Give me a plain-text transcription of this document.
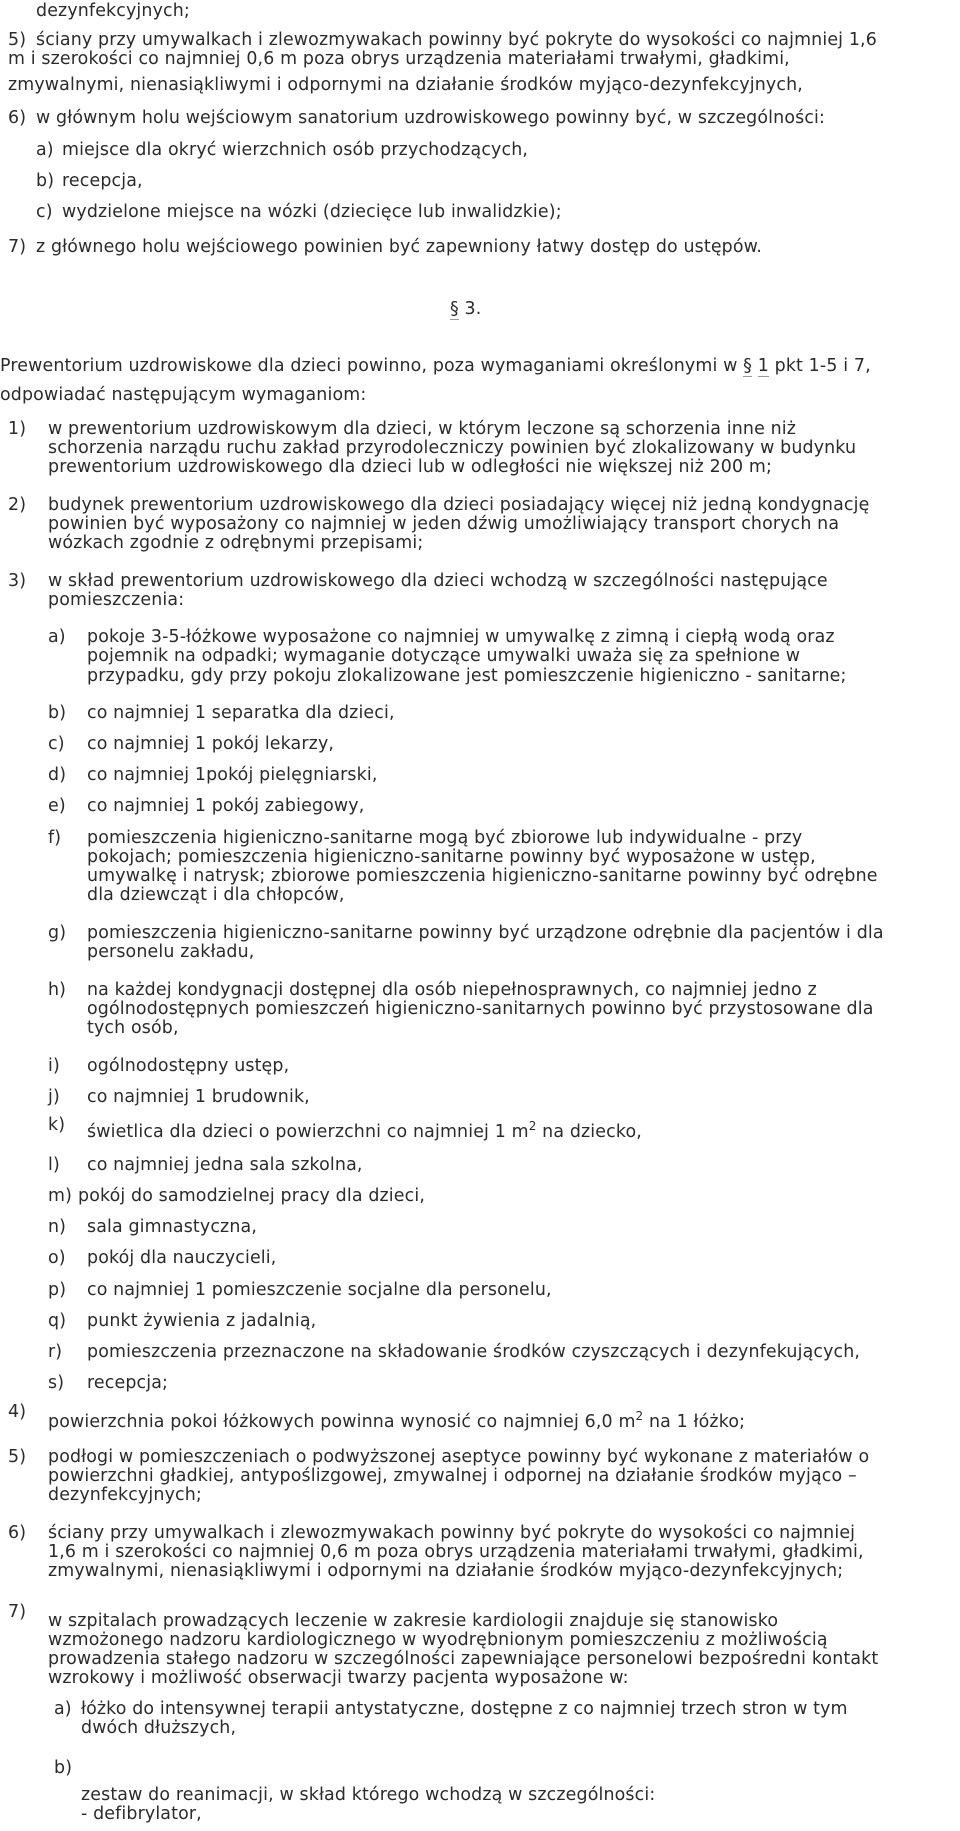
dezynfekcyjnych;
5) ściany przy umywalkach i zlewozmywakach powinny być pokryte do wysokości co najmniej 1,6
m i szerokości co najmniej 0,6 m poza obrys urządzenia materiałami trwałymi, gładkimi,
zmywalnymi, nienasiąkliwymi i odpornymi na działanie środków myjąco-dezynfekcyjnych,
6) w głównym holu wejściowym sanatorium uzdrowiskowego powinny być, w szczególności:
a) miejsce dla okryć wierzchnich osób przychodzących,
b) recepcja,
c) wydzielone miejsce na wózki (dziecięce lub inwalidzkie);
7) z głównego holu wejściowego powinien być zapewniony łatwy dostęp do ustępów.
§ 3.
Prewentorium uzdrowiskowe dla dzieci powinno, poza wymaganiami określonymi w § 1 pkt 1-5 i 7,
odpowiadać następującym wymaganiom:
1) w prewentorium uzdrowiskowym dla dzieci, w którym leczone są schorzenia inne niż
schorzenia narządu ruchu zakład przyrodoleczniczy powinien być zlokalizowany w budynku
prewentorium uzdrowiskowego dla dzieci lub w odległości nie większej niż 200 m;
2) budynek prewentorium uzdrowiskowego dla dzieci posiadający więcej niż jedną kondygnację
powinien być wyposażony co najmniej w jeden dźwig umożliwiający transport chorych na
wózkach zgodnie z odrębnymi przepisami;
3) w skład prewentorium uzdrowiskowego dla dzieci wchodzą w szczególności następujące
pomieszczenia:
a) pokoje 3-5-łóżkowe wyposażone co najmniej w umywalkę z zimną i ciepłą wodą oraz
pojemnik na odpadki; wymaganie dotyczące umywalki uważa się za spełnione w
przypadku, gdy przy pokoju zlokalizowane jest pomieszczenie higieniczno - sanitarne;
b) co najmniej 1 separatka dla dzieci,
c) co najmniej 1 pokój lekarzy,
d) co najmniej 1pokój pielęgniarski,
e) co najmniej 1 pokój zabiegowy,
f) pomieszczenia higieniczno-sanitarne mogą być zbiorowe lub indywidualne - przy
pokojach; pomieszczenia higieniczno-sanitarne powinny być wyposażone w ustęp,
umywalkę i natrysk; zbiorowe pomieszczenia higieniczno-sanitarne powinny być odrębne
dla dziewcząt i dla chłopców,
g) pomieszczenia higieniczno-sanitarne powinny być urządzone odrębnie dla pacjentów i dla
personelu zakładu,
h) na każdej kondygnacji dostępnej dla osób niepełnosprawnych, co najmniej jedno z
ogólnodostępnych pomieszczeń higieniczno-sanitarnych powinno być przystosowane dla
tych osób,
i) ogólnodostępny ustęp,
j) co najmniej 1 brudownik,
k) świetlica dla dzieci o powierzchni co najmniej 1 $m^2$ na dziecko,
l) co najmniej jedna sala szkolna,
m) pokój do samodzielnej pracy dla dzieci,
n) sala gimnastyczna,
o) pokój dla nauczycieli,
p) co najmniej 1 pomieszczenie socjalne dla personelu,
q) punkt żywienia z jadalnią,
r) pomieszczenia przeznaczone na składowanie środków czyszczących i dezynfekujących,
s) recepcja;
4) powierzchnia pokoi łóżkowych powinna wynosić co najmniej 6,0 $m^2$ na 1 łóżko;
5) podłogi w pomieszczeniach o podwyższonej aseptyce powinny być wykonane z materiałów o
powierzchni gładkiej, antypoślizgowej, zmywalnej i odpornej na działanie środków myjąco –
dezynfekcyjnych;
6) ściany przy umywalkach i zlewozmywakach powinny być pokryte do wysokości co najmniej
1,6 m i szerokości co najmniej 0,6 m poza obrys urządzenia materiałami trwałymi, gładkimi,
zmywalnymi, nienasiąkliwymi i odpornymi na działanie środków myjąco-dezynfekcyjnych;
7) w szpitalach prowadzących leczenie w zakresie kardiologii znajduje się stanowisko
wzmożonego nadzoru kardiologicznego w wyodrębnionym pomieszczeniu z możliwością
prowadzenia stałego nadzoru w szczególności zapewniające personelowi bezpośredni kontakt
wzrokowy i możliwość obserwacji twarzy pacjenta wyposażone w:
a) łóżko do intensywnej terapii antystatyczne, dostępne z co najmniej trzech stron w tym
dwóch dłuższych,
b)
zestaw do reanimacji, w skład którego wchodzą w szczególności:
- defibrylator,
